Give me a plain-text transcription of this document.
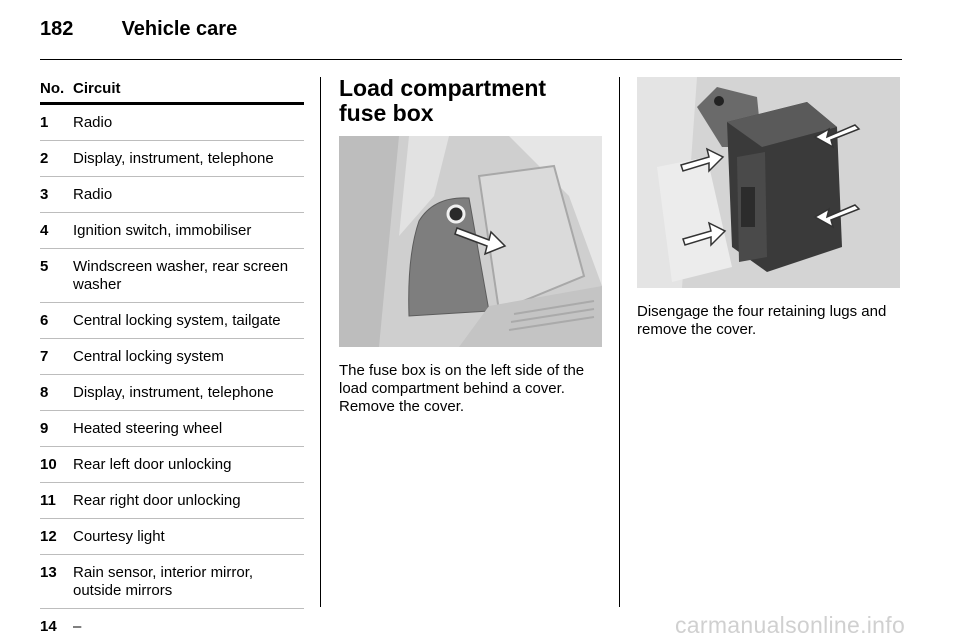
182 Vehicle care
No. Circuit
1	Radio
2	Display, instrument, telephone
3	Radio
4	Ignition switch, immobiliser
5	Windscreen washer, rear screen washer
6	Central locking system, tailgate
7	Central locking system
8	Display, instrument, telephone
9	Heated steering wheel
10	Rear left door unlocking
11	Rear right door unlocking
12	Courtesy light
13	Rain sensor, interior mirror, outside mirrors
14	–
Load compartment fuse box

The fuse box is on the left side of the load compartment behind a cover. Remove the cover.

Disengage the four retaining lugs and remove the cover.

carmanualsonline.info
